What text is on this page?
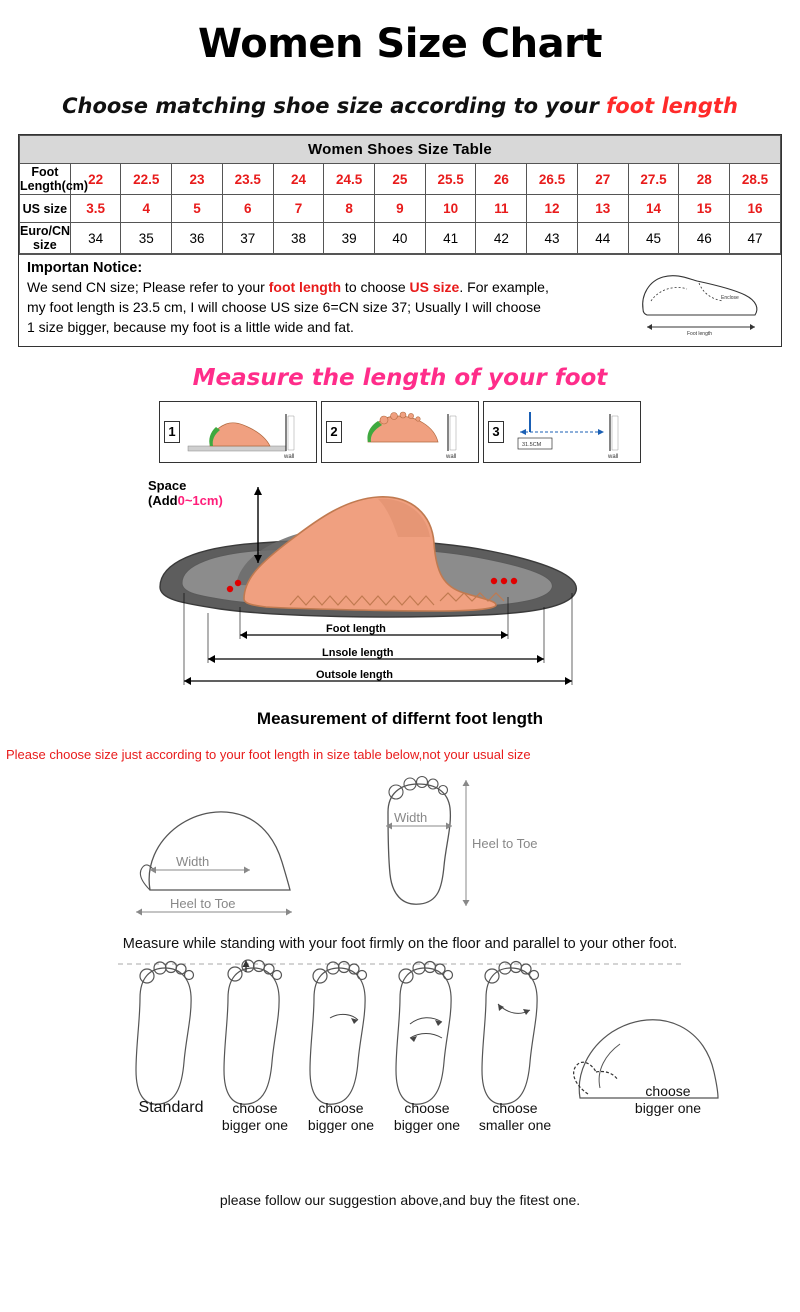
Women Size Chart
Choose matching shoe size according to your foot length
Women Shoes Size Table														
Foot Length(cm)	22	22.5	23	23.5	24	24.5	25	25.5	26	26.5	27	27.5	28	28.5
US size	3.5	4	5	6	7	8	9	10	11	12	13	14	15	16
Euro/CN size	34	35	36	37	38	39	40	41	42	43	44	45	46	47
Importan Notice:

We send CN size; Please refer to your foot length to choose US size. For example,

my foot length is 23.5 cm, I will choose US size 6=CN size 37; Usually I will choose

1 size bigger, because my foot is a little wide and fat.

Enclose
Foot length
Measure the length of your foot
1
wall
2
wall
3
31.5CM
wall
Space
(Add0~1cm)
Foot length
Lnsole length
Outsole length
Measurement of differnt foot length
Please choose size just according to your foot length in size table below,not your usual size
Width
Heel to Toe
Width
Heel to Toe
Measure while standing with your foot firmly on the floor and parallel to your other foot.
Standard	choose
bigger one
choose
bigger one
choose
bigger one
choose
smaller one
choose
bigger one
please follow our suggestion above,and buy the fitest one.
